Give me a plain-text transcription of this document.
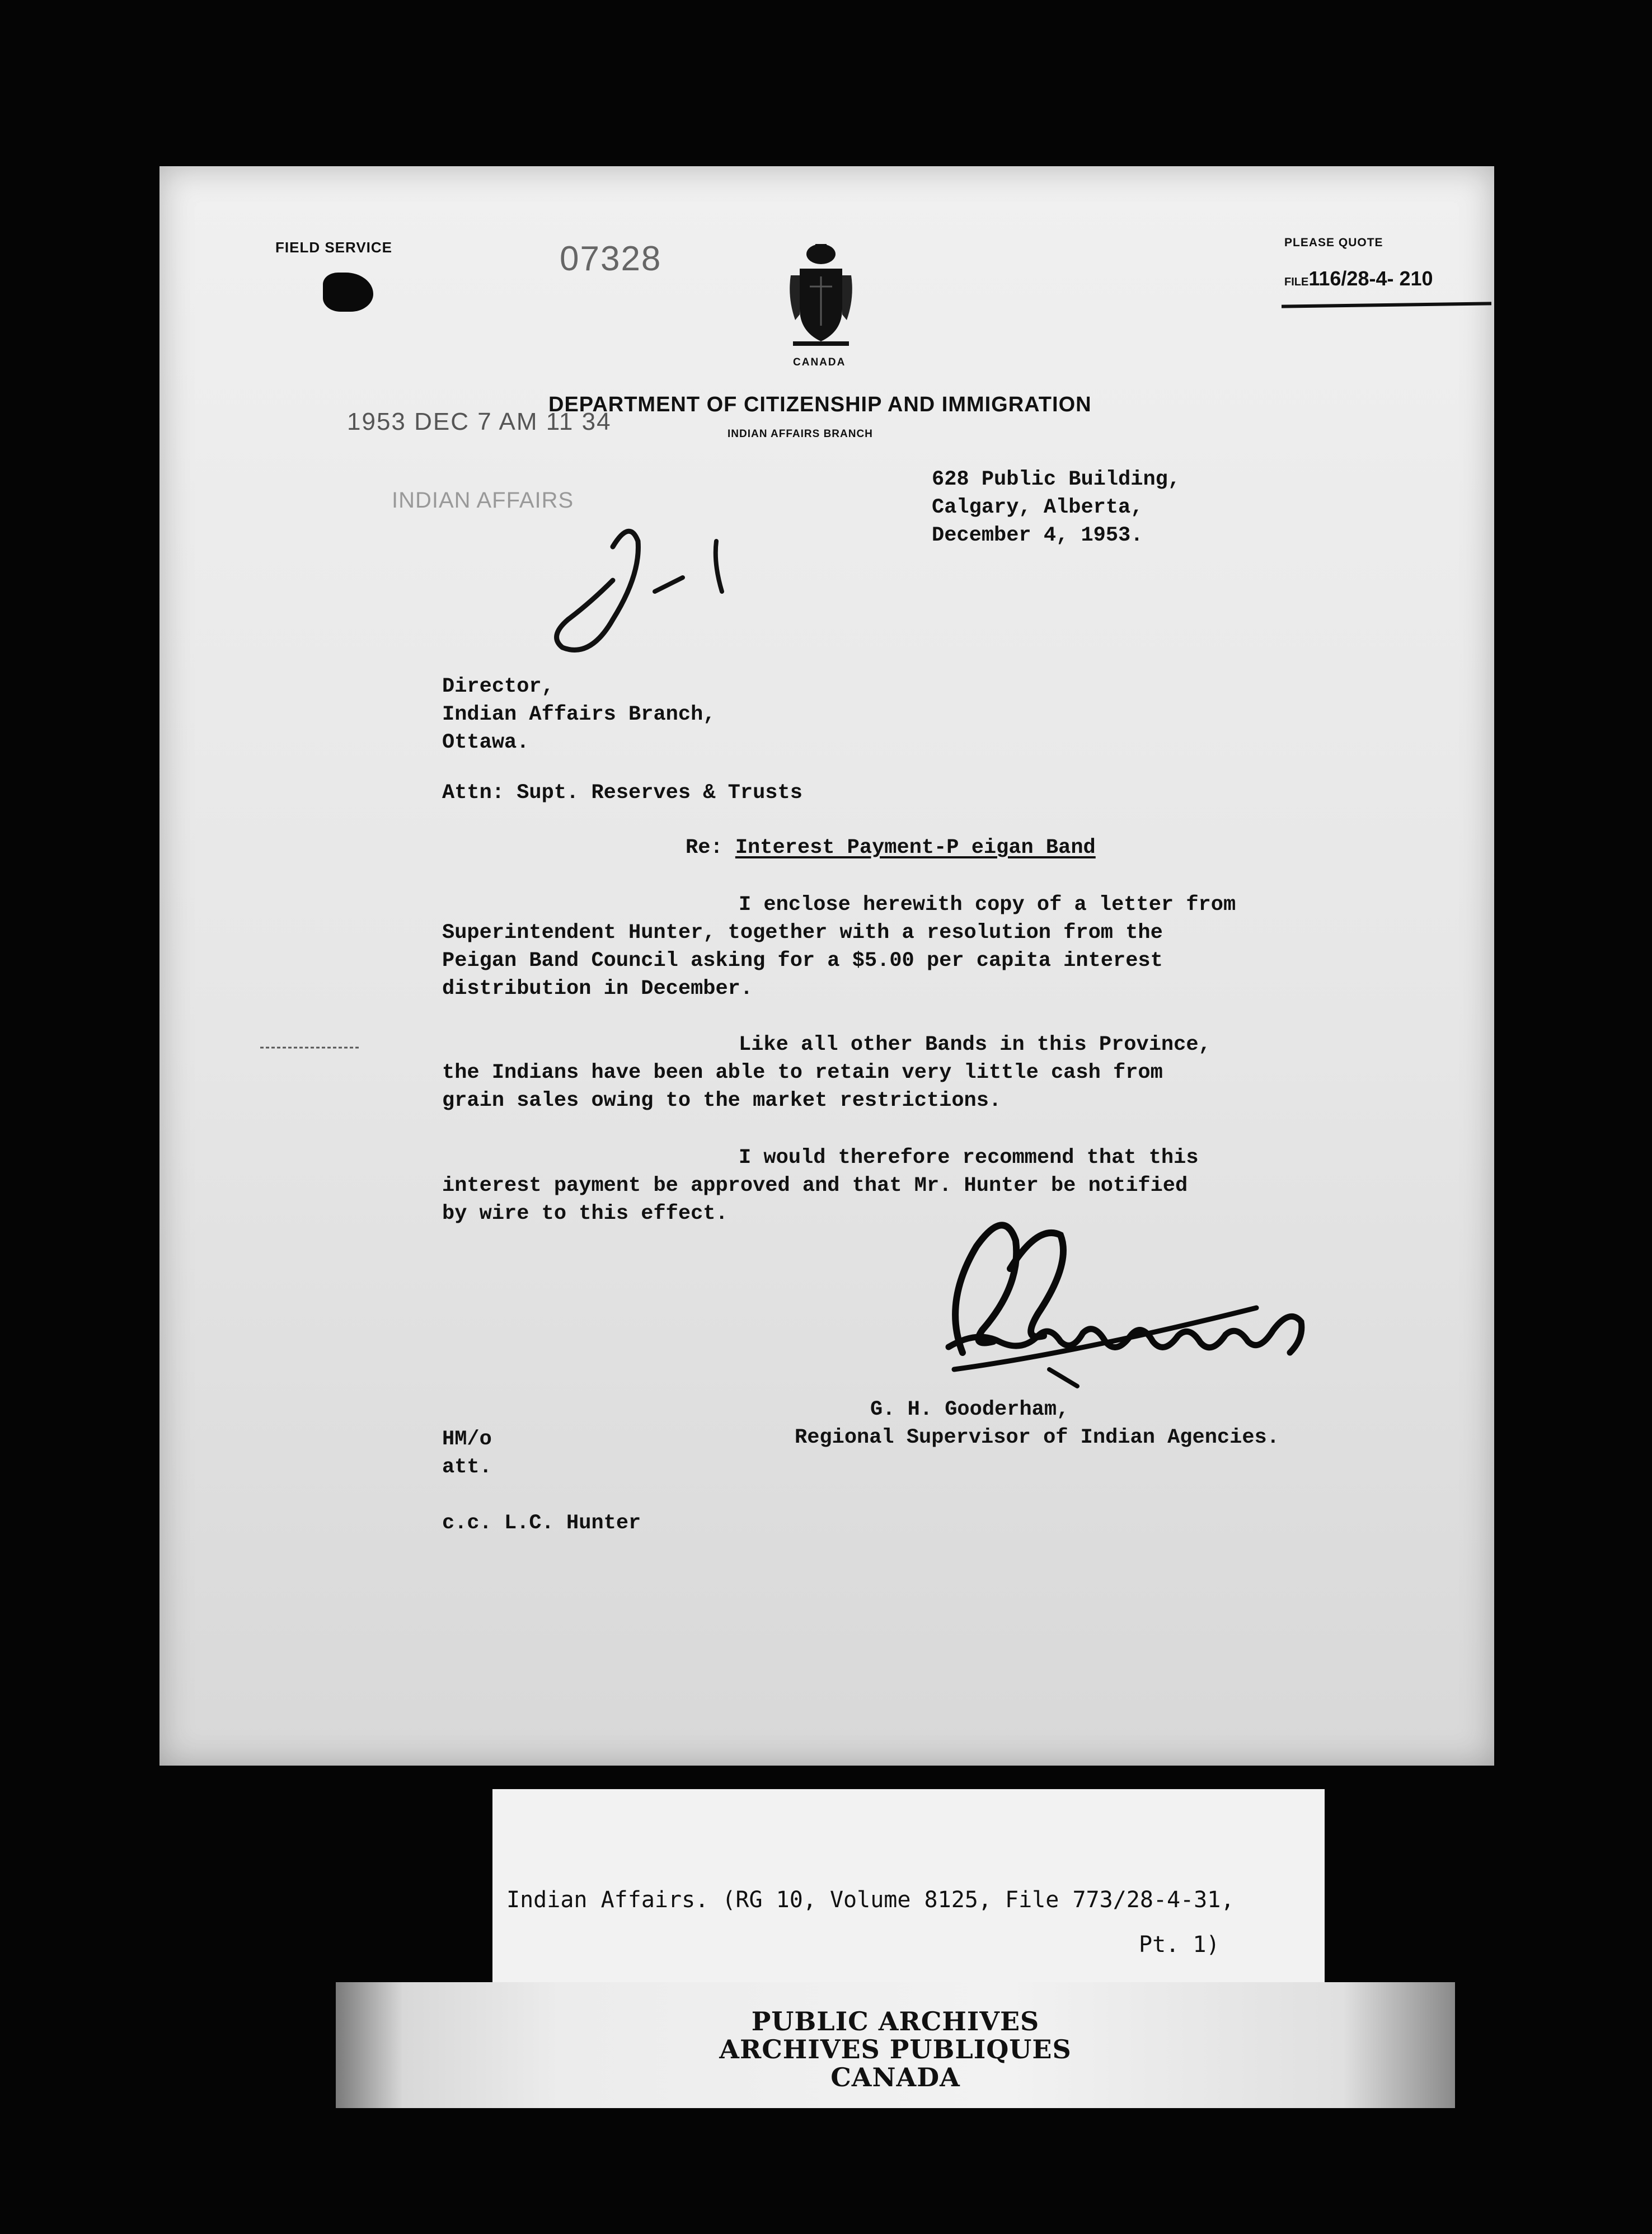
FIELD SERVICE	07328
CANADA
PLEASE QUOTE
FILE116/28-4- 210
DEPARTMENT OF CITIZENSHIP AND IMMIGRATION
INDIAN AFFAIRS BRANCH
1953 DEC 7 AM 11 34
INDIAN AFFAIRS
628 Public Building,
Calgary, Alberta,
December 4, 1953.
Director,
Indian Affairs Branch,
Ottawa.
Attn: Supt. Reserves & Trusts
Re: Interest Payment-P eigan Band
I enclose herewith copy of a letter from
Superintendent Hunter, together with a resolution from the
Peigan Band Council asking for a $5.00 per capita interest
distribution in December.
Like all other Bands in this Province,
the Indians have been able to retain very little cash from
grain sales owing to the market restrictions.
I would therefore recommend that this
interest payment be approved and that Mr. Hunter be notified
by wire to this effect.
G. H. Gooderham,
Regional Supervisor of Indian Agencies.
HM/o
att.
c.c. L.C. Hunter
Indian Affairs. (RG 10, Volume 8125, File 773/28-4-31,
Pt. 1)
PUBLIC ARCHIVES
ARCHIVES PUBLIQUES
CANADA
